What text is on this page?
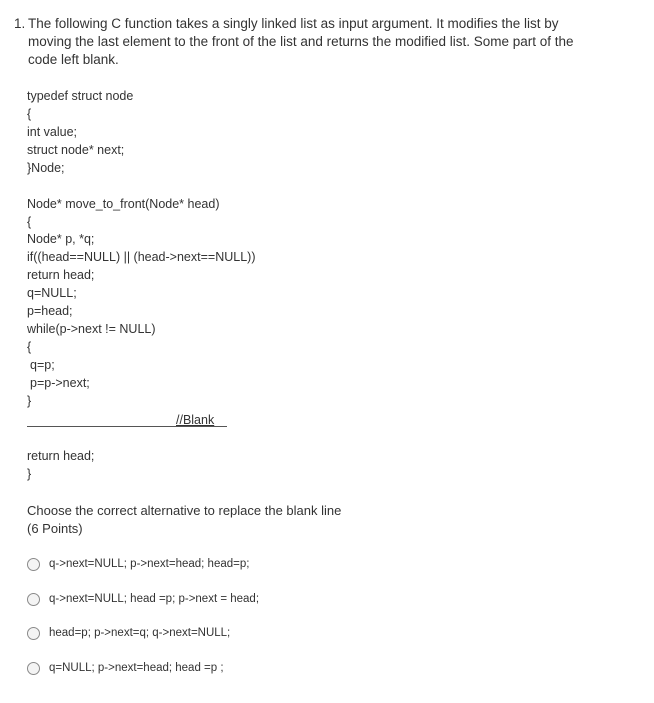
1. The following C function takes a singly linked list as input argument. It modifies the list by
moving the last element to the front of the list and returns the modified list. Some part of the
code left blank.
typedef struct node
{
int value;
struct node* next;
}Node;
Node* move_to_front(Node* head)
{
Node* p, *q;
if((head==NULL) || (head->next==NULL))
return head;
q=NULL;
p=head;
while(p->next != NULL)
{
q=p;
p=p->next;
}
//Blank
return head;
}
Choose the correct alternative to replace the blank line
(6 Points)
q->next=NULL; p->next=head; head=p;
q->next=NULL; head =p; p->next = head;
head=p; p->next=q; q->next=NULL;
q=NULL; p->next=head; head =p ;
